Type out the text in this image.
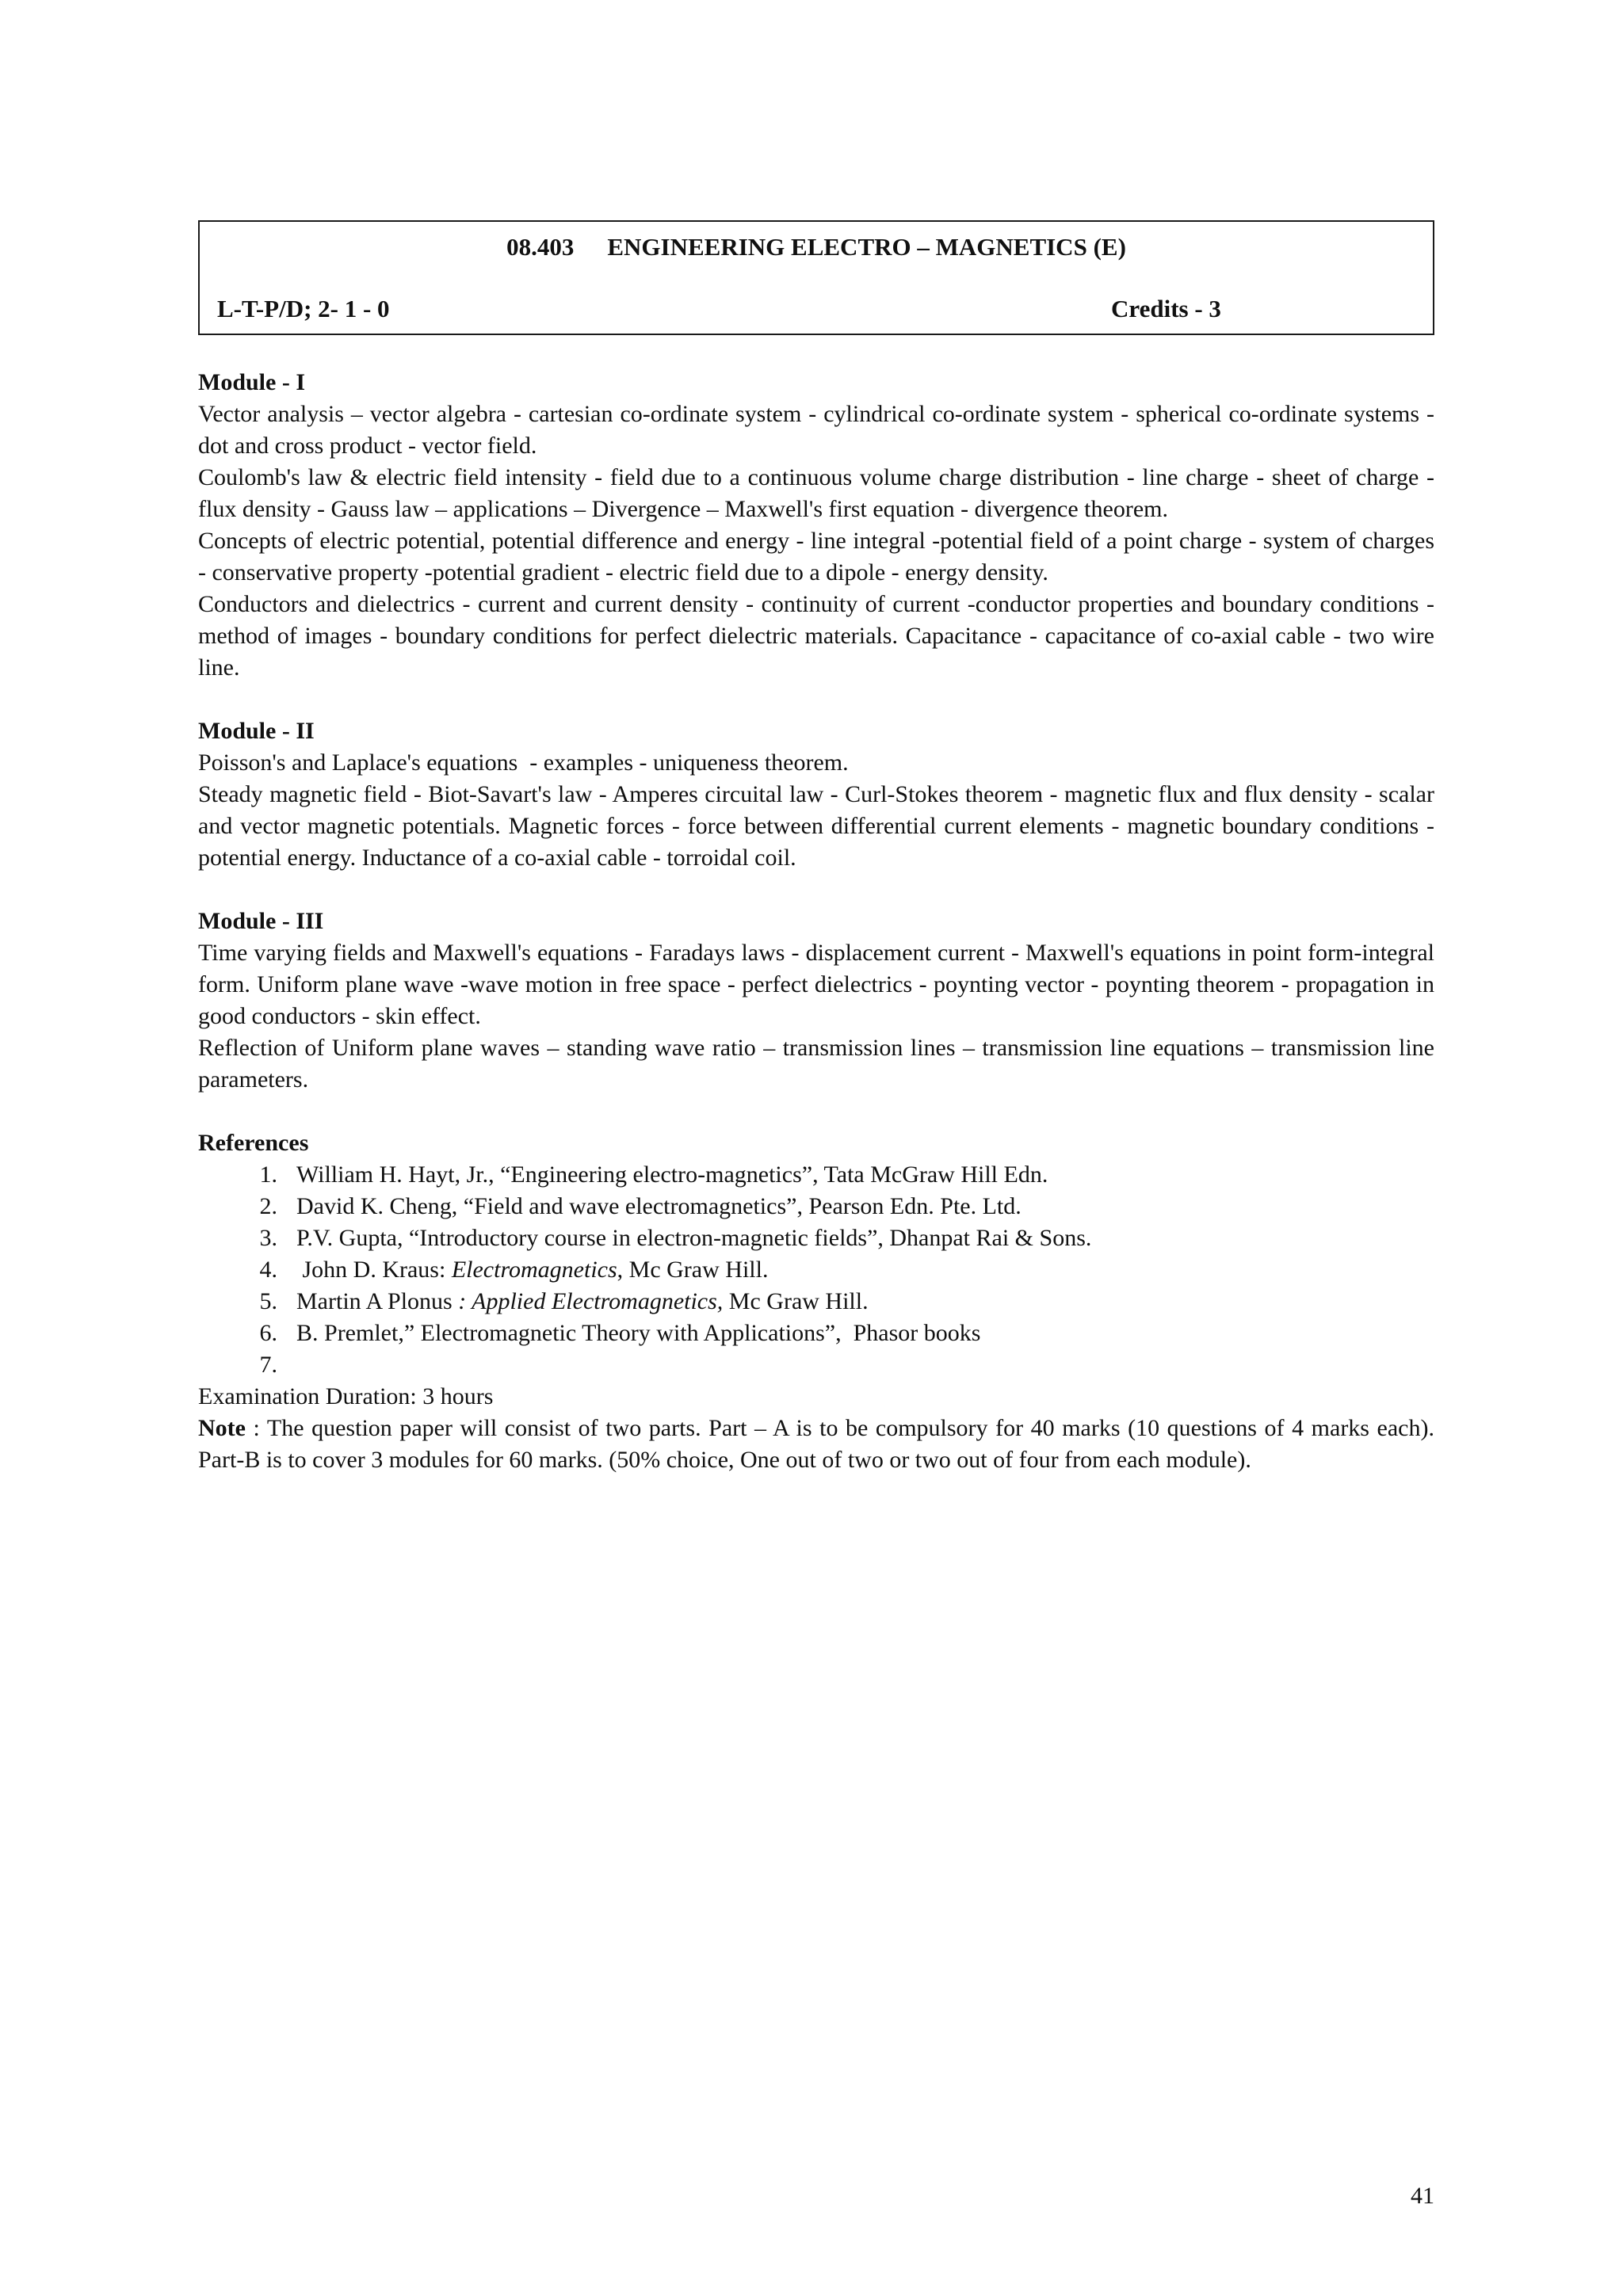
08.403 ENGINEERING ELECTRO – MAGNETICS (E)
L-T-P/D; 2- 1 - 0	Credits - 3

Module - I

Vector analysis – vector algebra - cartesian co-ordinate system - cylindrical co-ordinate system - spherical co-ordinate systems - dot and cross product - vector field.

Coulomb's law & electric field intensity - field due to a continuous volume charge distribution - line charge - sheet of charge - flux density - Gauss law – applications – Divergence – Maxwell's first equation - divergence theorem.

Concepts of electric potential, potential difference and energy - line integral -potential field of a point charge - system of charges - conservative property -potential gradient - electric field due to a dipole - energy density.

Conductors and dielectrics - current and current density - continuity of current -conductor properties and boundary conditions - method of images - boundary conditions for perfect dielectric materials. Capacitance - capacitance of co-axial cable - two wire line.

Module - II

Poisson's and Laplace's equations  - examples - uniqueness theorem.

Steady magnetic field - Biot-Savart's law - Amperes circuital law - Curl-Stokes theorem - magnetic flux and flux density - scalar and vector magnetic potentials. Magnetic forces - force between differential current elements - magnetic boundary conditions - potential energy. Inductance of a co-axial cable - torroidal coil.

Module - III

Time varying fields and Maxwell's equations - Faradays laws - displacement current - Maxwell's equations in point form-integral form. Uniform plane wave -wave motion in free space - perfect dielectrics - poynting vector - poynting theorem - propagation in good conductors - skin effect.

Reflection of Uniform plane waves – standing wave ratio – transmission lines – transmission line equations – transmission line parameters.

References

1. William H. Hayt, Jr., “Engineering electro-magnetics”, Tata McGraw Hill Edn.
2. David K. Cheng, “Field and wave electromagnetics”, Pearson Edn. Pte. Ltd.
3. P.V. Gupta, “Introductory course in electron-magnetic fields”, Dhanpat Rai & Sons.
4. John D. Kraus: Electromagnetics, Mc Graw Hill.
5. Martin A Plonus : Applied Electromagnetics, Mc Graw Hill.
6. B. Premlet,” Electromagnetic Theory with Applications”,  Phasor books
7.

Examination Duration: 3 hours

Note : The question paper will consist of two parts. Part – A is to be compulsory for 40 marks (10 questions of 4 marks each). Part-B is to cover 3 modules for 60 marks. (50% choice, One out of two or two out of four from each module).

41
